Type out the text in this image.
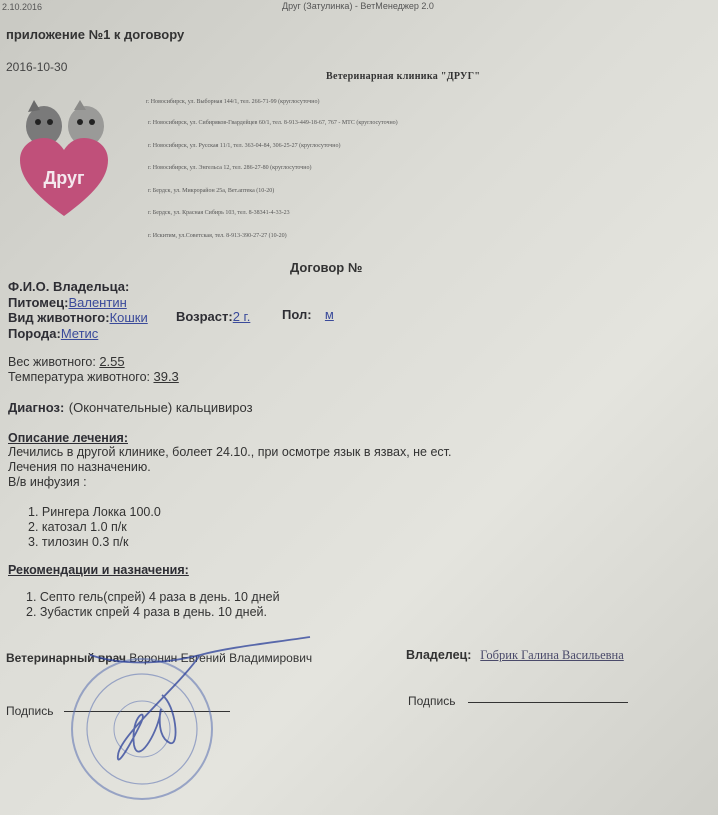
2.10.2016	Друг (Затулинка) - ВетМенеджер 2.0
приложение №1 к договору
2016-10-30
Друг
Ветеринарная клиника "ДРУГ"
г. Новосибирск, ул. Выборная 144/1, тел. 266-71-99 (круглосуточно)
г. Новосибирск, ул. Сибиряков-Гвардейцев 60/1, тел. 8-913-449-18-67, 767 - МТС (круглосуточно)
г. Новосибирск, ул. Русская 11/1, тел. 363-04-84, 306-25-27 (круглосуточно)
г. Новосибирск, ул. Энгельса 12, тел. 286-27-80 (круглосуточно)
г. Бердск, ул. Микрорайон 25а, Вет.аптека (10-20)
г. Бердск, ул. Красная Сибирь 103, тел. 8-38341-4-33-23
г. Искитим, ул.Советская, тел. 8-913-390-27-27 (10-20)
Договор №
Ф.И.О. Владельца:
Питомец:Валентин
Вид животного:Кошки Возраст:2 г. Пол: м
Порода:Метис
Вес животного: 2.55
Температура животного: 39.3
Диагноз: (Окончательные) кальцивироз
Описание лечения:
Лечились в другой клинике, болеет 24.10., при осмотре язык в язвах, не ест.
Лечения по назначению.
В/в инфузия :
1. Рингера Локка 100.0
2. катозал 1.0 п/к
3. тилозин 0.3 п/к
Рекомендации и назначения:
1. Септо гель(спрей) 4 раза в день. 10 дней
2. Зубастик спрей 4 раза в день. 10 дней.
Ветеринарный врач Воронин Евгений Владимирович	Владелец: Гобрик Галина Васильевна
Подпись
Подпись
